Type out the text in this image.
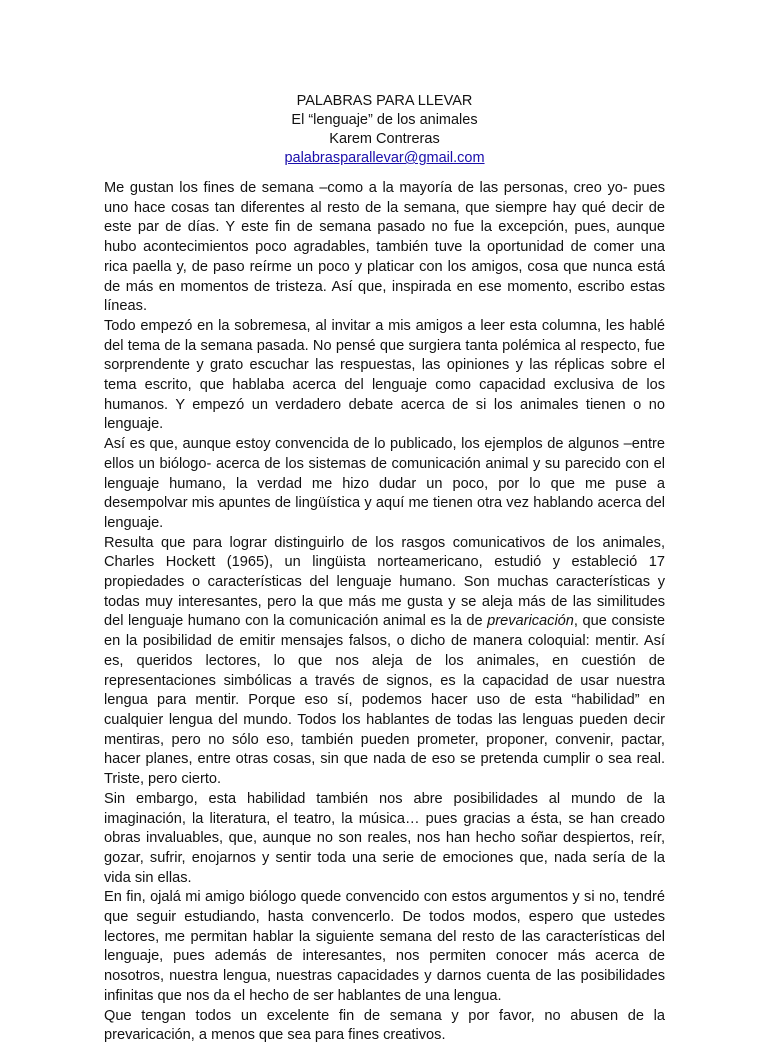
PALABRAS PARA LLEVAR
El “lenguaje” de los animales
Karem Contreras
palabrasparallevar@gmail.com

Me gustan los fines de semana –como a la mayoría de las personas, creo yo- pues uno hace cosas tan diferentes al resto de la semana, que siempre hay qué decir de este par de días. Y este fin de semana pasado no fue la excepción, pues, aunque hubo acontecimientos poco agradables, también tuve la oportunidad de comer una rica paella y, de paso reírme un poco y platicar con los amigos, cosa que nunca está de más en momentos de tristeza. Así que, inspirada en ese momento, escribo estas líneas.

Todo empezó en la sobremesa, al invitar a mis amigos a leer esta columna, les hablé del tema de la semana pasada. No pensé que surgiera tanta polémica al respecto, fue sorprendente y grato escuchar las respuestas, las opiniones y las réplicas sobre el tema escrito, que hablaba acerca del lenguaje como capacidad exclusiva de los humanos. Y empezó un verdadero debate acerca de si los animales tienen o no lenguaje.

Así es que, aunque estoy convencida de lo publicado, los ejemplos de algunos –entre ellos un biólogo- acerca de los sistemas de comunicación animal y su parecido con el lenguaje humano, la verdad me hizo dudar un poco, por lo que me puse a desempolvar mis apuntes de lingüística y aquí me tienen otra vez hablando acerca del lenguaje.

Resulta que para lograr distinguirlo de los rasgos comunicativos de los animales, Charles Hockett (1965), un lingüista norteamericano, estudió y estableció 17 propiedades o características del lenguaje humano. Son muchas características y todas muy interesantes, pero la que más me gusta y se aleja más de las similitudes del lenguaje humano con la comunicación animal es la de prevaricación, que consiste en la posibilidad de emitir mensajes falsos, o dicho de manera coloquial: mentir. Así es, queridos lectores, lo que nos aleja de los animales, en cuestión de representaciones simbólicas a través de signos, es la capacidad de usar nuestra lengua para mentir. Porque eso sí, podemos hacer uso de esta “habilidad” en cualquier lengua del mundo. Todos los hablantes de todas las lenguas pueden decir mentiras, pero no sólo eso, también pueden prometer, proponer, convenir, pactar, hacer planes, entre otras cosas, sin que nada de eso se pretenda cumplir o sea real. Triste, pero cierto.

Sin embargo, esta habilidad también nos abre posibilidades al mundo de la imaginación, la literatura, el teatro, la música… pues gracias a ésta, se han creado obras invaluables, que, aunque no son reales, nos han hecho soñar despiertos, reír, gozar, sufrir, enojarnos y sentir toda una serie de emociones que, nada sería de la vida sin ellas.

En fin, ojalá mi amigo biólogo quede convencido con estos argumentos y si no, tendré que seguir estudiando, hasta convencerlo. De todos modos, espero que ustedes lectores, me permitan hablar la siguiente semana del resto de las características del lenguaje, pues además de interesantes, nos permiten conocer más acerca de nosotros, nuestra lengua, nuestras capacidades y darnos cuenta de las posibilidades infinitas que nos da el hecho de ser hablantes de una lengua.

Que tengan todos un excelente fin de semana y por favor, no abusen de la prevaricación, a menos que sea para fines creativos.
